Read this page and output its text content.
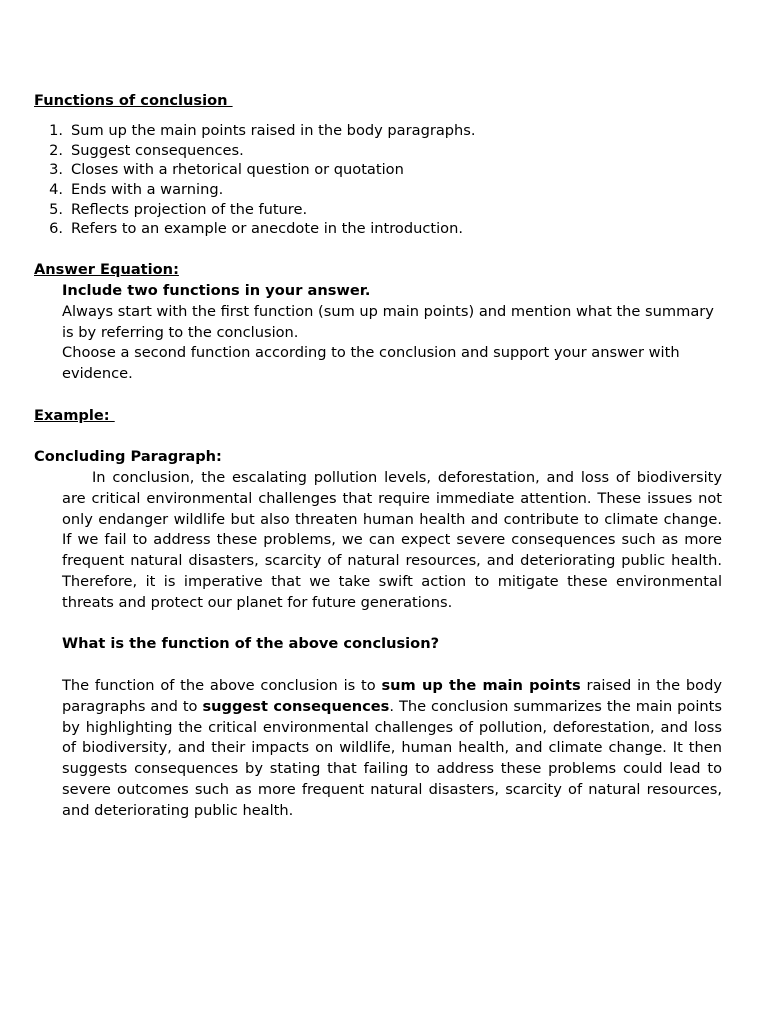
Functions of conclusion
1. Sum up the main points raised in the body paragraphs.
2. Suggest consequences.
3. Closes with a rhetorical question or quotation
4. Ends with a warning.
5. Reflects projection of the future.
6. Refers to an example or anecdote in the introduction.
Answer Equation:

Include two functions in your answer.

Always start with the first function (sum up main points) and mention what the summary is by referring to the conclusion.

Choose a second function according to the conclusion and support your answer with evidence.

Example:
Concluding Paragraph:

In conclusion, the escalating pollution levels, deforestation, and loss of biodiversity are critical environmental challenges that require immediate attention. These issues not only endanger wildlife but also threaten human health and contribute to climate change. If we fail to address these problems, we can expect severe consequences such as more frequent natural disasters, scarcity of natural resources, and deteriorating public health. Therefore, it is imperative that we take swift action to mitigate these environmental threats and protect our planet for future generations.

What is the function of the above conclusion?

The function of the above conclusion is to sum up the main points raised in the body paragraphs and to suggest consequences. The conclusion summarizes the main points by highlighting the critical environmental challenges of pollution, deforestation, and loss of biodiversity, and their impacts on wildlife, human health, and climate change. It then suggests consequences by stating that failing to address these problems could lead to severe outcomes such as more frequent natural disasters, scarcity of natural resources, and deteriorating public health.
